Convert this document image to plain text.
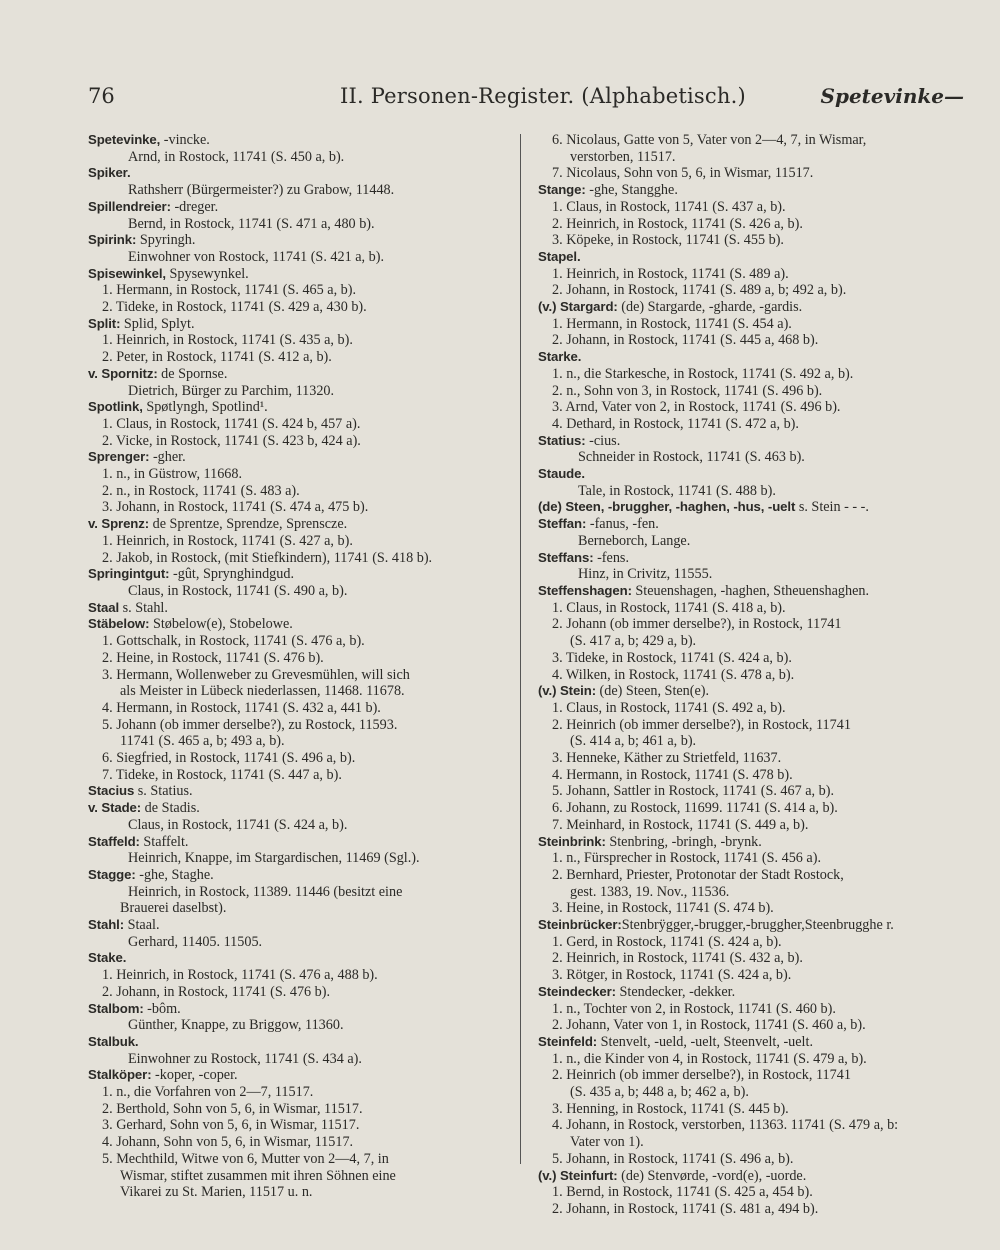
76	II. Personen-Register. (Alphabetisch.)	Spetevinke—
Spetevinke, -vincke.
Arnd, in Rostock, 11741 (S. 450 a, b).
Spiker.
Rathsherr (Bürgermeister?) zu Grabow, 11448.
Spillendreier: -dreger.
Bernd, in Rostock, 11741 (S. 471 a, 480 b).
Spirink: Spyringh.
Einwohner von Rostock, 11741 (S. 421 a, b).
Spisewinkel, Spysewynkel.
1. Hermann, in Rostock, 11741 (S. 465 a, b).
2. Tideke, in Rostock, 11741 (S. 429 a, 430 b).
Split: Splid, Splyt.
1. Heinrich, in Rostock, 11741 (S. 435 a, b).
2. Peter, in Rostock, 11741 (S. 412 a, b).
v. Spornitz: de Spornse.
Dietrich, Bürger zu Parchim, 11320.
Spotlink, Spøtlyngh, Spotlind¹.
1. Claus, in Rostock, 11741 (S. 424 b, 457 a).
2. Vicke, in Rostock, 11741 (S. 423 b, 424 a).
Sprenger: -gher.
1. n., in Güstrow, 11668.
2. n., in Rostock, 11741 (S. 483 a).
3. Johann, in Rostock, 11741 (S. 474 a, 475 b).
v. Sprenz: de Sprentze, Sprendze, Sprenscze.
1. Heinrich, in Rostock, 11741 (S. 427 a, b).
2. Jakob, in Rostock, (mit Stiefkindern), 11741 (S. 418 b).
Springintgut: -gût, Sprynghindgud.
Claus, in Rostock, 11741 (S. 490 a, b).
Staal s. Stahl.
Stäbelow: Støbelow(e), Stobelowe.
1. Gottschalk, in Rostock, 11741 (S. 476 a, b).
2. Heine, in Rostock, 11741 (S. 476 b).
3. Hermann, Wollenweber zu Grevesmühlen, will sich
als Meister in Lübeck niederlassen, 11468. 11678.
4. Hermann, in Rostock, 11741 (S. 432 a, 441 b).
5. Johann (ob immer derselbe?), zu Rostock, 11593.
11741 (S. 465 a, b; 493 a, b).
6. Siegfried, in Rostock, 11741 (S. 496 a, b).
7. Tideke, in Rostock, 11741 (S. 447 a, b).
Stacius s. Statius.
v. Stade: de Stadis.
Claus, in Rostock, 11741 (S. 424 a, b).
Staffeld: Staffelt.
Heinrich, Knappe, im Stargardischen, 11469 (Sgl.).
Stagge: -ghe, Staghe.
Heinrich, in Rostock, 11389. 11446 (besitzt eine
Brauerei daselbst).
Stahl: Staal.
Gerhard, 11405. 11505.
Stake.
1. Heinrich, in Rostock, 11741 (S. 476 a, 488 b).
2. Johann, in Rostock, 11741 (S. 476 b).
Stalbom: -bôm.
Günther, Knappe, zu Briggow, 11360.
Stalbuk.
Einwohner zu Rostock, 11741 (S. 434 a).
Stalköper: -koper, -coper.
1. n., die Vorfahren von 2—7, 11517.
2. Berthold, Sohn von 5, 6, in Wismar, 11517.
3. Gerhard, Sohn von 5, 6, in Wismar, 11517.
4. Johann, Sohn von 5, 6, in Wismar, 11517.
5. Mechthild, Witwe von 6, Mutter von 2—4, 7, in
Wismar, stiftet zusammen mit ihren Söhnen eine
Vikarei zu St. Marien, 11517 u. n.
6. Nicolaus, Gatte von 5, Vater von 2—4, 7, in Wismar,
verstorben, 11517.
7. Nicolaus, Sohn von 5, 6, in Wismar, 11517.
Stange: -ghe, Stangghe.
1. Claus, in Rostock, 11741 (S. 437 a, b).
2. Heinrich, in Rostock, 11741 (S. 426 a, b).
3. Köpeke, in Rostock, 11741 (S. 455 b).
Stapel.
1. Heinrich, in Rostock, 11741 (S. 489 a).
2. Johann, in Rostock, 11741 (S. 489 a, b; 492 a, b).
(v.) Stargard: (de) Stargarde, -gharde, -gardis.
1. Hermann, in Rostock, 11741 (S. 454 a).
2. Johann, in Rostock, 11741 (S. 445 a, 468 b).
Starke.
1. n., die Starkesche, in Rostock, 11741 (S. 492 a, b).
2. n., Sohn von 3, in Rostock, 11741 (S. 496 b).
3. Arnd, Vater von 2, in Rostock, 11741 (S. 496 b).
4. Dethard, in Rostock, 11741 (S. 472 a, b).
Statius: -cius.
Schneider in Rostock, 11741 (S. 463 b).
Staude.
Tale, in Rostock, 11741 (S. 488 b).
(de) Steen, -bruggher, -haghen, -hus, -uelt s. Stein - - -.
Steffan: -fanus, -fen.
Berneborch, Lange.
Steffans: -fens.
Hinz, in Crivitz, 11555.
Steffenshagen: Steuenshagen, -haghen, Stheuenshaghen.
1. Claus, in Rostock, 11741 (S. 418 a, b).
2. Johann (ob immer derselbe?), in Rostock, 11741
(S. 417 a, b; 429 a, b).
3. Tideke, in Rostock, 11741 (S. 424 a, b).
4. Wilken, in Rostock, 11741 (S. 478 a, b).
(v.) Stein: (de) Steen, Sten(e).
1. Claus, in Rostock, 11741 (S. 492 a, b).
2. Heinrich (ob immer derselbe?), in Rostock, 11741
(S. 414 a, b; 461 a, b).
3. Henneke, Käther zu Strietfeld, 11637.
4. Hermann, in Rostock, 11741 (S. 478 b).
5. Johann, Sattler in Rostock, 11741 (S. 467 a, b).
6. Johann, zu Rostock, 11699. 11741 (S. 414 a, b).
7. Meinhard, in Rostock, 11741 (S. 449 a, b).
Steinbrink: Stenbring, -bringh, -brynk.
1. n., Fürsprecher in Rostock, 11741 (S. 456 a).
2. Bernhard, Priester, Protonotar der Stadt Rostock,
gest. 1383, 19. Nov., 11536.
3. Heine, in Rostock, 11741 (S. 474 b).
Steinbrücker:Stenbrÿgger,-brugger,-bruggher,Steenbrugghe r.
1. Gerd, in Rostock, 11741 (S. 424 a, b).
2. Heinrich, in Rostock, 11741 (S. 432 a, b).
3. Rötger, in Rostock, 11741 (S. 424 a, b).
Steindecker: Stendecker, -dekker.
1. n., Tochter von 2, in Rostock, 11741 (S. 460 b).
2. Johann, Vater von 1, in Rostock, 11741 (S. 460 a, b).
Steinfeld: Stenvelt, -ueld, -uelt, Steenvelt, -uelt.
1. n., die Kinder von 4, in Rostock, 11741 (S. 479 a, b).
2. Heinrich (ob immer derselbe?), in Rostock, 11741
(S. 435 a, b; 448 a, b; 462 a, b).
3. Henning, in Rostock, 11741 (S. 445 b).
4. Johann, in Rostock, verstorben, 11363. 11741 (S. 479 a, b:
Vater von 1).
5. Johann, in Rostock, 11741 (S. 496 a, b).
(v.) Steinfurt: (de) Stenvørde, -vord(e), -uorde.
1. Bernd, in Rostock, 11741 (S. 425 a, 454 b).
2. Johann, in Rostock, 11741 (S. 481 a, 494 b).
